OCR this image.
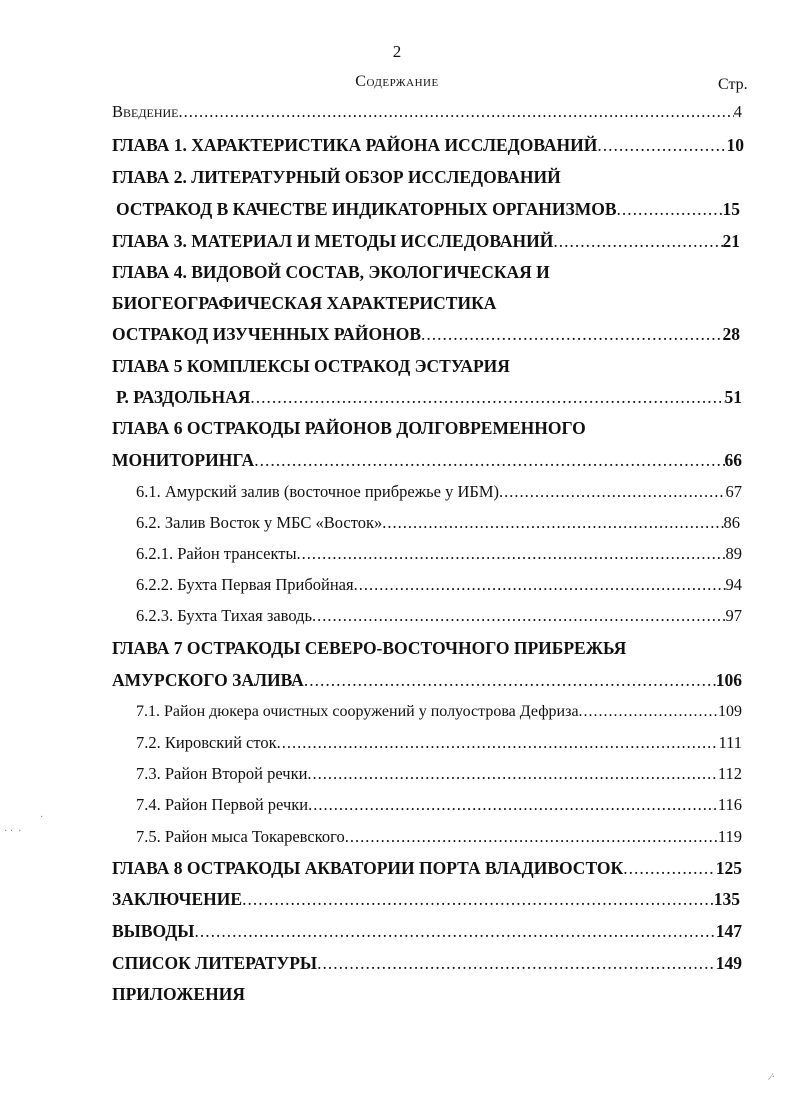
2
Содержание	Стр.
Введение .....	4
ГЛАВА 1. ХАРАКТЕРИСТИКА РАЙОНА ИССЛЕДОВАНИЙ .....	10
ГЛАВА 2. ЛИТЕРАТУРНЫЙ ОБЗОР ИССЛЕДОВАНИЙ
ОСТРАКОД В КАЧЕСТВЕ ИНДИКАТОРНЫХ ОРГАНИЗМОВ .....	15
ГЛАВА 3. МАТЕРИАЛ И МЕТОДЫ ИССЛЕДОВАНИЙ .....	21
ГЛАВА 4. ВИДОВОЙ СОСТАВ, ЭКОЛОГИЧЕСКАЯ И
БИОГЕОГРАФИЧЕСКАЯ ХАРАКТЕРИСТИКА
ОСТРАКОД ИЗУЧЕННЫХ РАЙОНОВ .....	28
ГЛАВА 5 КОМПЛЕКСЫ ОСТРАКОД ЭСТУАРИЯ
Р. РАЗДОЛЬНАЯ .....	51
ГЛАВА 6 ОСТРАКОДЫ РАЙОНОВ ДОЛГОВРЕМЕННОГО
МОНИТОРИНГА .....	66
6.1. Амурский залив (восточное прибрежье у ИБМ) .....	67
6.2. Залив Восток у МБС «Восток» .....	86
6.2.1. Район трансекты .....	89
6.2.2. Бухта Первая Прибойная .....	94
6.2.3. Бухта Тихая заводь .....	97
ГЛАВА 7 ОСТРАКОДЫ СЕВЕРО-ВОСТОЧНОГО ПРИБРЕЖЬЯ
АМУРСКОГО ЗАЛИВА .....	106
7.1. Район дюкера очистных сооружений у полуострова Дефриза .....	109
7.2. Кировский сток .....	111
7.3. Район Второй речки .....	112
7.4. Район Первой речки .....	116
7.5. Район мыса Токаревского .....	119
ГЛАВА 8 ОСТРАКОДЫ АКВАТОРИИ ПОРТА ВЛАДИВОСТОК .....	125
ЗАКЛЮЧЕНИЕ .....	135
ВЫВОДЫ .....	147
СПИСОК ЛИТЕРАТУРЫ .....	149
ПРИЛОЖЕНИЯ
· ·  ·
·
⁄·
